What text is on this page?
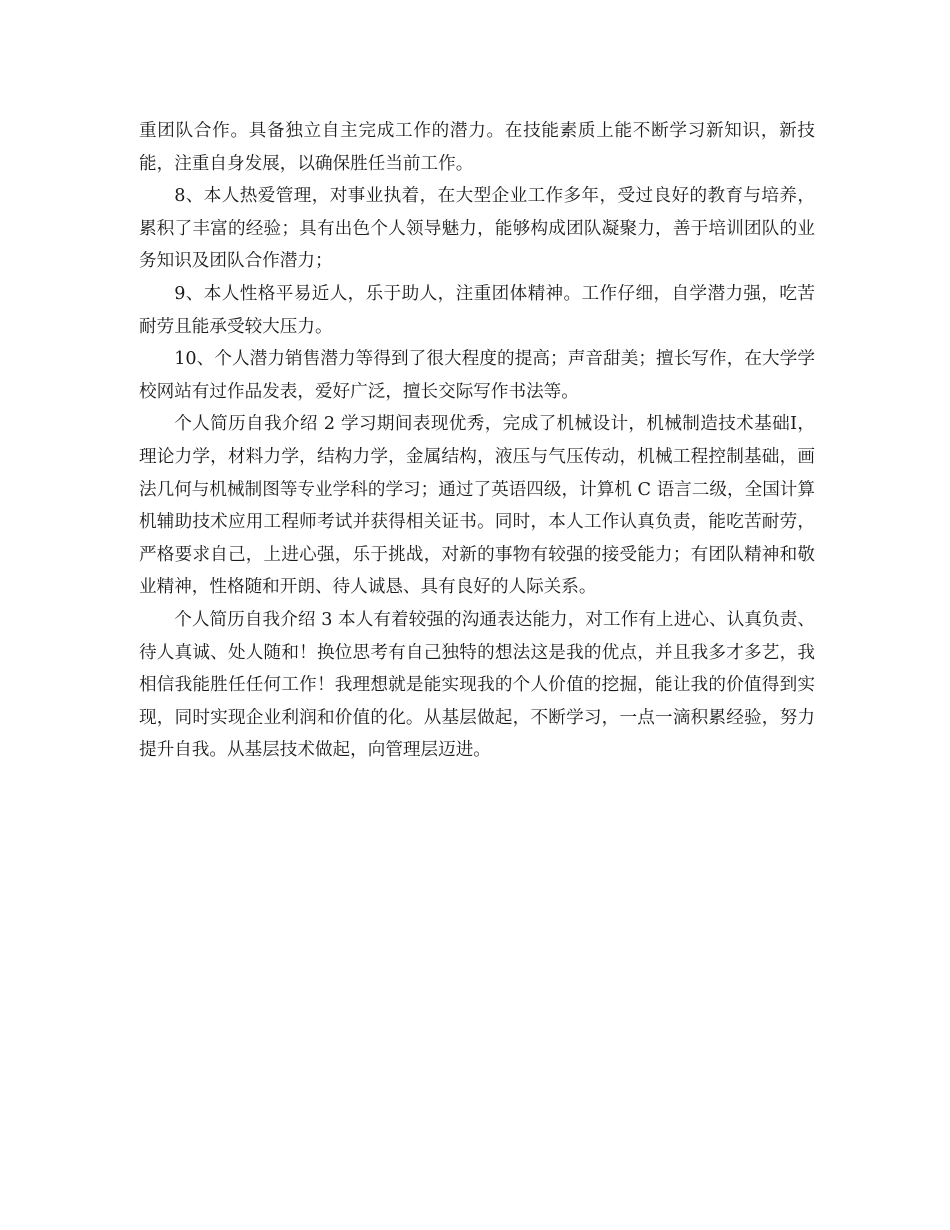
重团队合作。具备独立自主完成工作的潜力。在技能素质上能不断学习新知识，新技能，注重自身发展，以确保胜任当前工作。

8、本人热爱管理，对事业执着，在大型企业工作多年，受过良好的教育与培养，累积了丰富的经验；具有出色个人领导魅力，能够构成团队凝聚力，善于培训团队的业务知识及团队合作潜力；

9、本人性格平易近人，乐于助人，注重团体精神。工作仔细，自学潜力强，吃苦耐劳且能承受较大压力。

10、个人潜力销售潜力等得到了很大程度的提高；声音甜美；擅长写作，在大学学校网站有过作品发表，爱好广泛，擅长交际写作书法等。

个人简历自我介绍 2 学习期间表现优秀，完成了机械设计，机械制造技术基础Ⅰ，理论力学，材料力学，结构力学，金属结构，液压与气压传动，机械工程控制基础，画法几何与机械制图等专业学科的学习；通过了英语四级，计算机 C 语言二级，全国计算机辅助技术应用工程师考试并获得相关证书。同时，本人工作认真负责，能吃苦耐劳，严格要求自己，上进心强，乐于挑战，对新的事物有较强的接受能力；有团队精神和敬业精神，性格随和开朗、待人诚恳、具有良好的人际关系。

个人简历自我介绍 3 本人有着较强的沟通表达能力，对工作有上进心、认真负责、待人真诚、处人随和！换位思考有自己独特的想法这是我的优点，并且我多才多艺，我相信我能胜任任何工作！我理想就是能实现我的个人价值的挖掘，能让我的价值得到实现，同时实现企业利润和价值的化。从基层做起，不断学习，一点一滴积累经验，努力提升自我。从基层技术做起，向管理层迈进。
